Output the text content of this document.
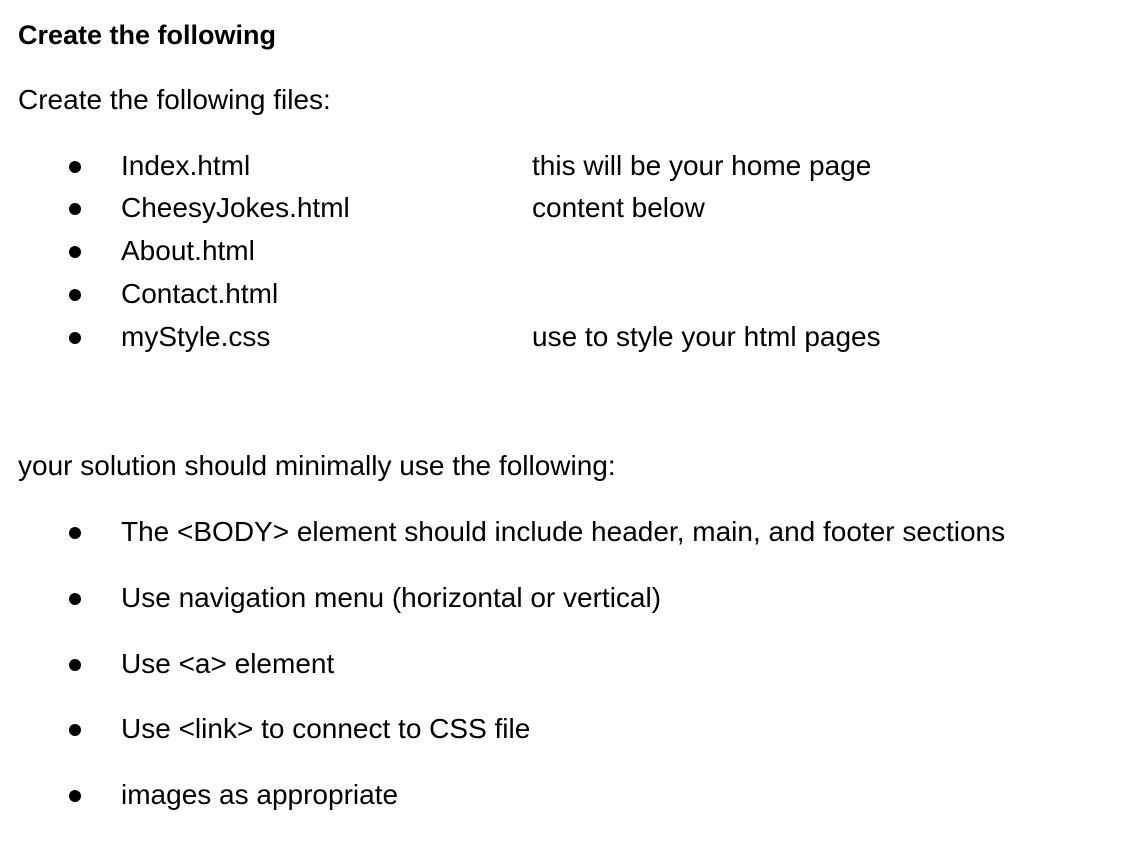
Create the following
Create the following files:
Index.html	this will be your home page
CheesyJokes.html	content below
About.html
Contact.html
myStyle.css	use to style your html pages
your solution should minimally use the following:
The <BODY> element should include header, main, and footer sections
Use navigation menu (horizontal or vertical)
Use <a> element
Use <link> to connect to CSS file
images as appropriate
